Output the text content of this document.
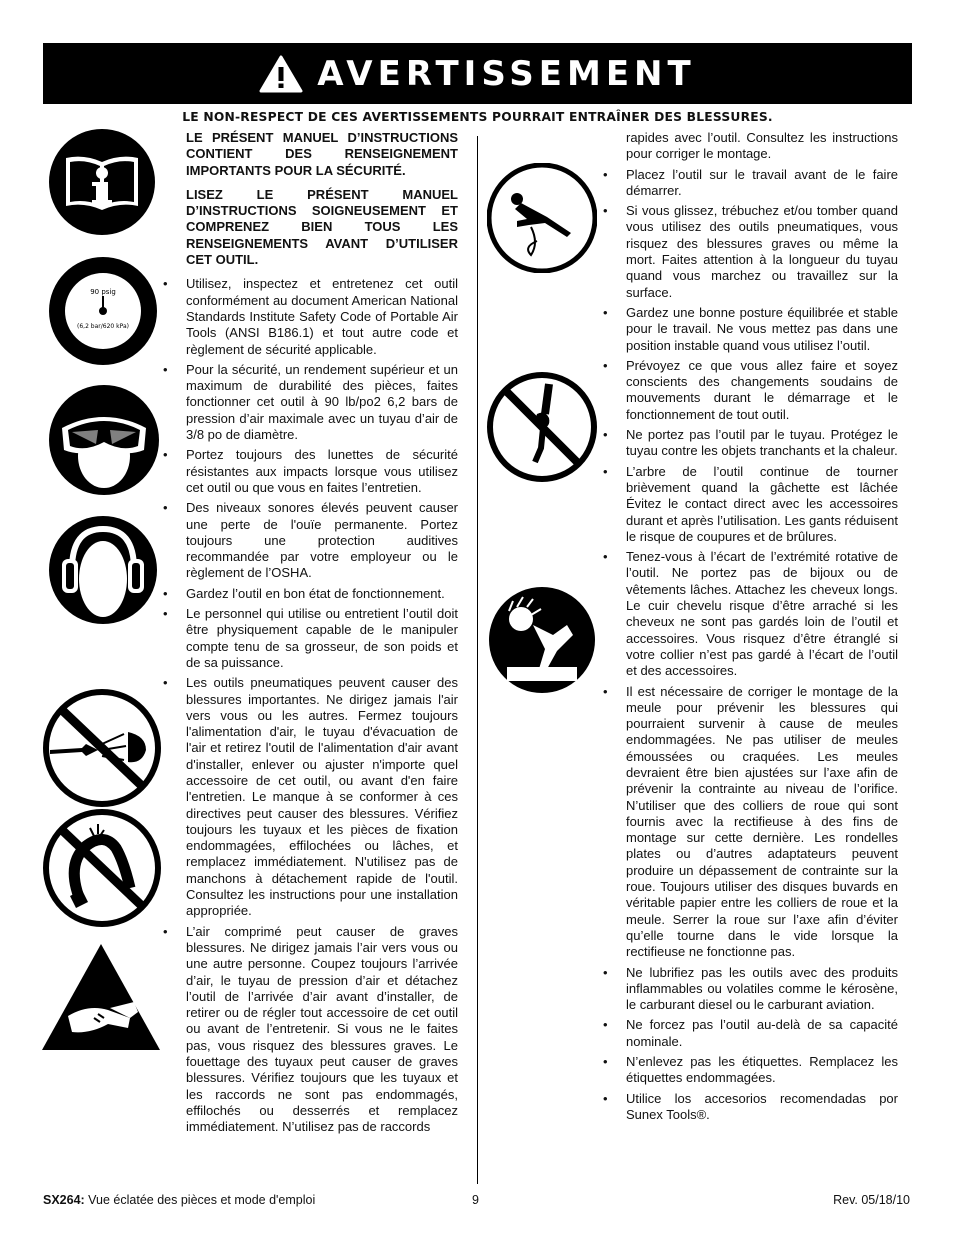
AVERTISSEMENT
LE NON-RESPECT DE CES AVERTISSEMENTS POURRAIT ENTRAÎNER DES BLESSURES.
90 psig
(6,2 bar/620 kPa)

LE PRÉSENT MANUEL D’INSTRUCTIONS CONTIENT DES RENSEIGNEMENT IMPORTANTS POUR LA SÉCURITÉ.

LISEZ LE PRÉSENT MANUEL D’INSTRUCTIONS SOIGNEUSEMENT ET COMPRENEZ BIEN TOUS LES RENSEIGNEMENTS AVANT D’UTILISER CET OUTIL.

• Utilisez, inspectez et entretenez cet outil conformément au document American National Standards Institute Safety Code of Portable Air Tools (ANSI B186.1) et tout autre code et règlement de sécurité applicable.
• Pour la sécurité, un rendement supérieur et un maximum de durabilité des pièces, faites fonctionner cet outil à 90 lb/po2 6,2 bars de pression d’air maximale avec un tuyau d’air de 3/8 po de diamètre.
• Portez toujours des lunettes de sécurité résistantes aux impacts lorsque vous utilisez cet outil ou que vous en faites l’entretien.
• Des niveaux sonores élevés peuvent causer une perte de l'ouïe permanente. Portez toujours une protection auditives recommandée par votre employeur ou le règlement de l’OSHA.
• Gardez l’outil en bon état de fonctionnement.
• Le personnel qui utilise ou entretient l’outil doit être physiquement capable de le manipuler compte tenu de sa grosseur, de son poids et de sa puissance.
• Les outils pneumatiques peuvent causer des blessures importantes. Ne dirigez jamais l'air vers vous ou les autres. Fermez toujours l'alimentation d'air, le tuyau d'évacuation de l'air et retirez l'outil de l'alimentation d'air avant d'installer, enlever ou ajuster n'importe quel accessoire de cet outil, ou avant d'en faire l'entretien. Le manque à se conformer à ces directives peut causer des blessures. Vérifiez toujours les tuyaux et les pièces de fixation endommagées, effilochées ou lâches, et remplacez immédiatement. N'utilisez pas de manchons à détachement rapide de l'outil. Consultez les instructions pour une installation appropriée.
• L’air comprimé peut causer de graves blessures. Ne dirigez jamais l’air vers vous ou une autre personne. Coupez toujours l’arrivée d’air, le tuyau de pression d’air et détachez l’outil de l’arrivée d’air avant d’installer, de retirer ou de régler tout accessoire de cet outil ou avant de l’entretenir. Si vous ne le faites pas, vous risquez des blessures graves. Le fouettage des tuyaux peut causer de graves blessures. Vérifiez toujours que les tuyaux et les raccords ne sont pas endommagés, effilochés ou desserrés et remplacez immédiatement. N’utilisez pas de raccords
rapides avec l’outil. Consultez les instructions pour corriger le montage.
• Placez l’outil sur le travail avant de le faire démarrer.
• Si vous glissez, trébuchez et/ou tomber quand vous utilisez des outils pneumatiques, vous risquez des blessures graves ou même la mort. Faites attention à la longueur du tuyau quand vous marchez ou travaillez sur la surface.
• Gardez une bonne posture équilibrée et stable pour le travail. Ne vous mettez pas dans une position instable quand vous utilisez l’outil.
• Prévoyez ce que vous allez faire et soyez conscients des changements soudains de mouvements durant le démarrage et le fonctionnement de tout outil.
• Ne portez pas l’outil par le tuyau. Protégez le tuyau contre les objets tranchants et la chaleur.
• L’arbre de l’outil continue de tourner brièvement quand la gâchette est lâchée Évitez le contact direct avec les accessoires durant et après l’utilisation. Les gants réduisent le risque de coupures et de brûlures.
• Tenez-vous à l’écart de l’extrémité rotative de l’outil. Ne portez pas de bijoux ou de vêtements lâches. Attachez les cheveux longs. Le cuir chevelu risque d’être arraché si les cheveux ne sont pas gardés loin de l’outil et accessoires. Vous risquez d’être étranglé si votre collier n’est pas gardé à l’écart de l’outil et des accessoires.
• Il est nécessaire de corriger le montage de la meule pour prévenir les blessures qui pourraient survenir à cause de meules endommagées. Ne pas utiliser de meules émoussées ou craquées. Les meules devraient être bien ajustées sur l’axe afin de prévenir la contrainte au niveau de l’orifice. N’utiliser que des colliers de roue qui sont fournis avec la rectifieuse à des fins de montage sur cette dernière. Les rondelles plates ou d’autres adaptateurs peuvent produire un dépassement de contrainte sur la roue. Toujours utiliser des disques buvards en véritable papier entre les colliers de roue et la meule. Serrer la roue sur l’axe afin d’éviter qu’elle tourne dans le vide lorsque la rectifieuse ne fonctionne pas.
• Ne lubrifiez pas les outils avec des produits inflammables ou volatiles comme le kérosène, le carburant diesel ou le carburant aviation.
• Ne forcez pas l’outil au-delà de sa capacité nominale.
• N’enlevez pas les étiquettes. Remplacez les étiquettes endommagées.
• Utilice los accesorios recomendadas por Sunex Tools®.
SX264: Vue éclatée des pièces et mode d'emploi	9	Rev. 05/18/10
